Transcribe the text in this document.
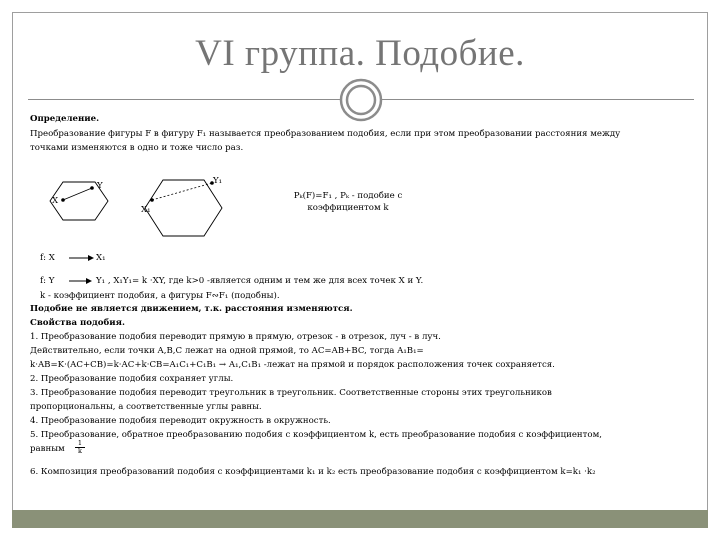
VI группа. Подобие.
Определение.
Преобразование фигуры F в фигуру F₁ называется преобразованием подобия, если при этом преобразовании расстояния между
точками изменяются в одно и тоже число раз.
X
Y
X₁
Y₁
Pₖ(F)=F₁ , Pₖ - подобие с
коэффициентом k
f: X	X₁
f: Y	Y₁ , X₁Y₁= k ·XY, где k>0 -является одним и тем же для всех точек X и Y.
k - коэффициент подобия, а фигуры F∾F₁ (подобны).
Подобие не является движением, т.к. расстояния изменяются.
Свойства подобия.
1. Преобразование подобия переводит прямую в прямую, отрезок - в отрезок, луч - в луч.
Действительно, если точки A,B,C лежат на одной прямой, то AC=AB+BC, тогда A₁B₁=
k·AB=K·(AC+CB)=k·AC+k·CB=A₁C₁+C₁B₁ → A₁,C₁B₁ -лежат на прямой и порядок расположения точек сохраняется.
2. Преобразование подобия сохраняет углы.
3. Преобразование подобия переводит треугольник в треугольник. Соответственные стороны этих треугольников
пропорциональны, а соответственные углы равны.
4. Преобразование подобия переводит окружность в окружность.
5. Преобразование, обратное преобразованию подобия с коэффициентом k, есть преобразование подобия с коэффициентом,
равным $\frac{1}{k}$
6. Композиция преобразований подобия с коэффициентами k₁ и k₂ есть преобразование подобия с коэффициентом k=k₁ ·k₂
